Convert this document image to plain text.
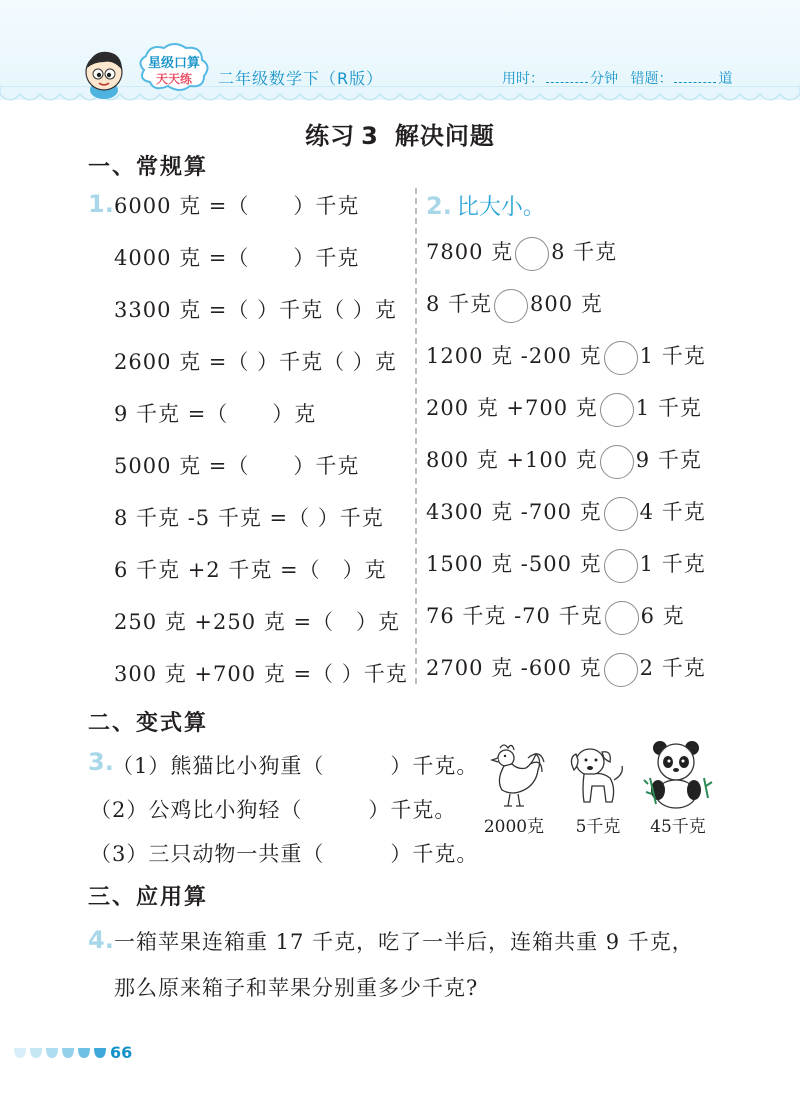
星级口算
天天练	二年级数学下（R版）	用时：	分钟 错题：	道
练习 3 解决问题
一、常规算
1. 6000 克 =（　　）千克
4000 克 =（　　）千克
3300 克 =（ ）千克（ ）克
2600 克 =（ ）千克（ ）克
9 千克 =（　　）克
5000 克 =（　　）千克
8 千克 -5 千克 =（ ）千克
6 千克 +2 千克 =（　）克
250 克 +250 克 =（　）克
300 克 +700 克 =（ ）千克
2. 比大小。
7800 克 8 千克
8 千克 800 克
1200 克 -200 克 1 千克
200 克 +700 克 1 千克
800 克 +100 克 9 千克
4300 克 -700 克 4 千克
1500 克 -500 克 1 千克
76 千克 -70 千克 6 克
2700 克 -600 克 2 千克
二、变式算
3.
（1）熊猫比小狗重（　　　）千克。
（2）公鸡比小狗轻（　　　）千克。
（3）三只动物一共重（　　　）千克。
2000克	5千克	45千克
三、应用算
4. 一箱苹果连箱重 17 千克，吃了一半后，连箱共重 9 千克，
那么原来箱子和苹果分别重多少千克?
66
